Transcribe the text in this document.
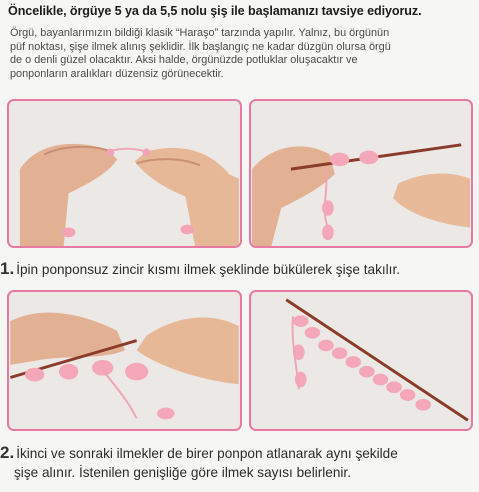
Öncelikle, örgüye 5 ya da 5,5 nolu şiş ile başlamanızı tavsiye ediyoruz.
Örgü, bayanlarımızın bildiği klasik “Haraşo” tarzında yapılır. Yalnız, bu örgünün
püf noktası, şişe ilmek alınış şeklidir. İlk başlangıç ne kadar düzgün olursa örgü
de o denli güzel olacaktır. Aksi halde, örgünüzde potluklar oluşacaktır ve
ponponların aralıkları düzensiz görünecektir.
1. İpin ponponsuz zincir kısmı ilmek şeklinde bükülerek şişe takılır.
2. İkinci ve sonraki ilmekler de birer ponpon atlanarak aynı şekilde
şişe alınır. İstenilen genişliğe göre ilmek sayısı belirlenir.
